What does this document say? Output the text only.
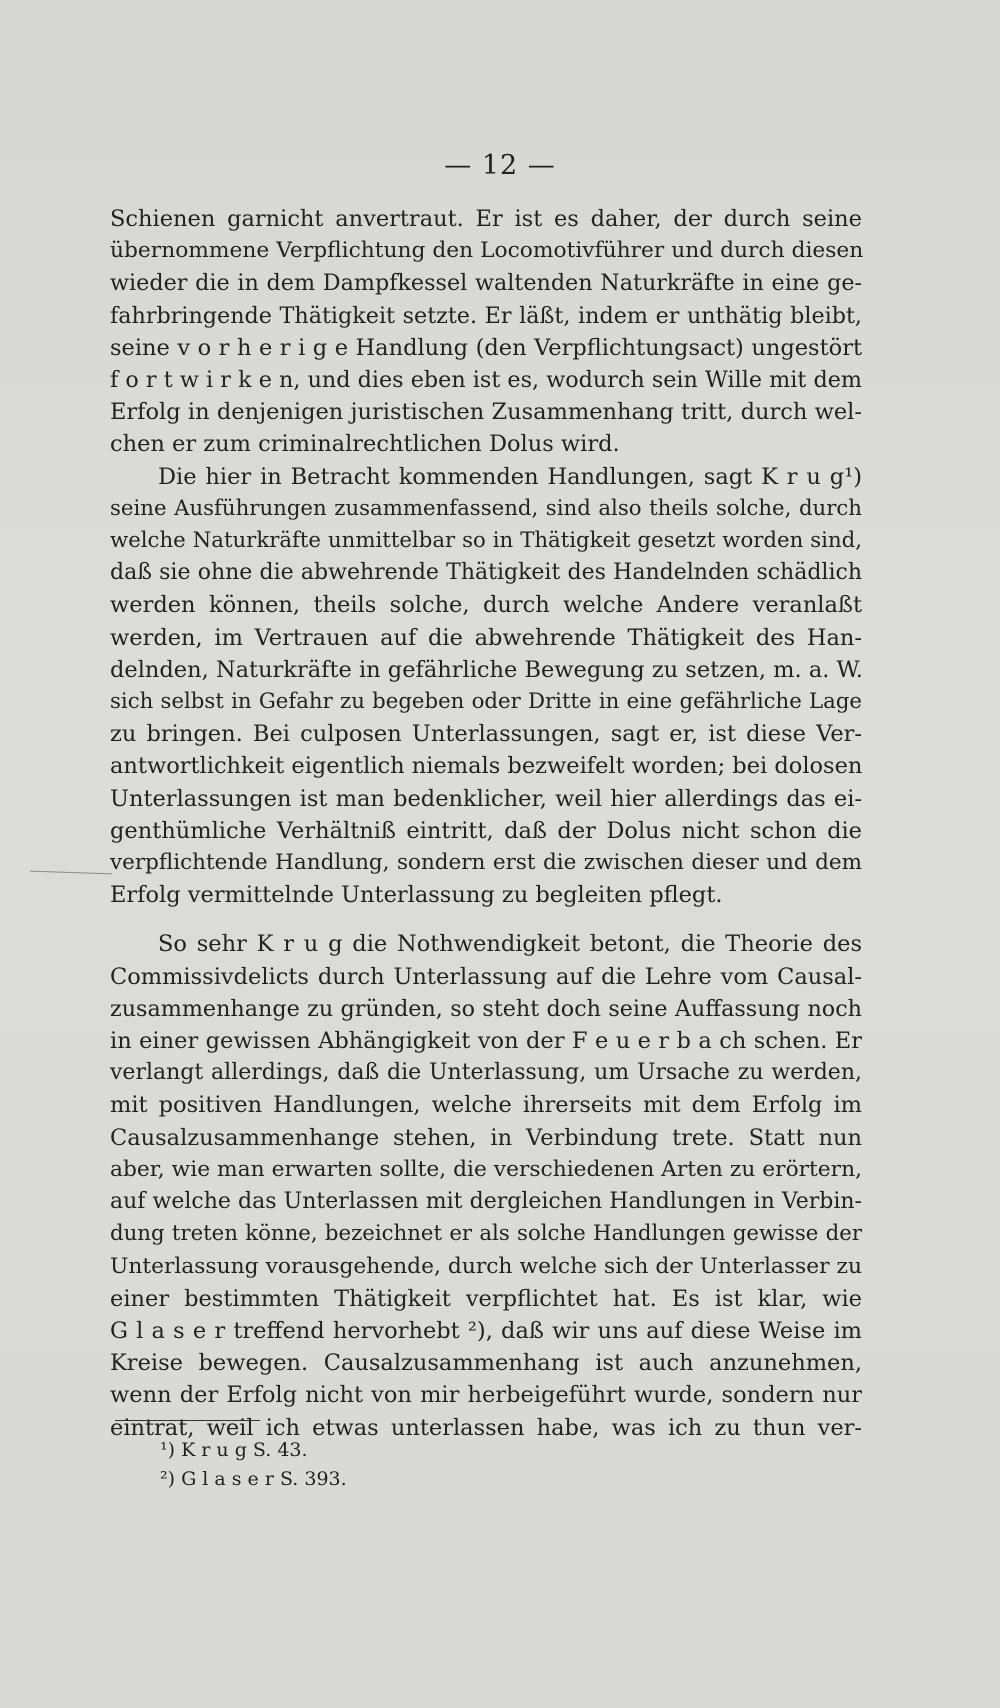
— 12 —
Schienen garnicht anvertraut. Er ist es daher, der durch seine
übernommene Verpflichtung den Locomotivführer und durch diesen
wieder die in dem Dampfkessel waltenden Naturkräfte in eine ge-
fahrbringende Thätigkeit setzte. Er läßt, indem er unthätig bleibt,
seine v o r h e r i g e Handlung (den Verpflichtungsact) ungestört
f o r t w i r k e n, und dies eben ist es, wodurch sein Wille mit dem
Erfolg in denjenigen juristischen Zusammenhang tritt, durch wel-
chen er zum criminalrechtlichen Dolus wird.
Die hier in Betracht kommenden Handlungen, sagt K r u g¹)
seine Ausführungen zusammenfassend, sind also theils solche, durch
welche Naturkräfte unmittelbar so in Thätigkeit gesetzt worden sind,
daß sie ohne die abwehrende Thätigkeit des Handelnden schädlich
werden können, theils solche, durch welche Andere veranlaßt
werden, im Vertrauen auf die abwehrende Thätigkeit des Han-
delnden, Naturkräfte in gefährliche Bewegung zu setzen, m. a. W.
sich selbst in Gefahr zu begeben oder Dritte in eine gefährliche Lage
zu bringen. Bei culposen Unterlassungen, sagt er, ist diese Ver-
antwortlichkeit eigentlich niemals bezweifelt worden; bei dolosen
Unterlassungen ist man bedenklicher, weil hier allerdings das ei-
genthümliche Verhältniß eintritt, daß der Dolus nicht schon die
verpflichtende Handlung, sondern erst die zwischen dieser und dem
Erfolg vermittelnde Unterlassung zu begleiten pflegt.
So sehr K r u g die Nothwendigkeit betont, die Theorie des
Commissivdelicts durch Unterlassung auf die Lehre vom Causal-
zusammenhange zu gründen, so steht doch seine Auffassung noch
in einer gewissen Abhängigkeit von der F e u e r b a ch schen. Er
verlangt allerdings, daß die Unterlassung, um Ursache zu werden,
mit positiven Handlungen, welche ihrerseits mit dem Erfolg im
Causalzusammenhange stehen, in Verbindung trete. Statt nun
aber, wie man erwarten sollte, die verschiedenen Arten zu erörtern,
auf welche das Unterlassen mit dergleichen Handlungen in Verbin-
dung treten könne, bezeichnet er als solche Handlungen gewisse der
Unterlassung vorausgehende, durch welche sich der Unterlasser zu
einer bestimmten Thätigkeit verpflichtet hat. Es ist klar, wie
G l a s e r treffend hervorhebt ²), daß wir uns auf diese Weise im
Kreise bewegen. Causalzusammenhang ist auch anzunehmen,
wenn der Erfolg nicht von mir herbeigeführt wurde, sondern nur
eintrat, weil ich etwas unterlassen habe, was ich zu thun ver-
¹) K r u g S. 43.
²) G l a s e r S. 393.
